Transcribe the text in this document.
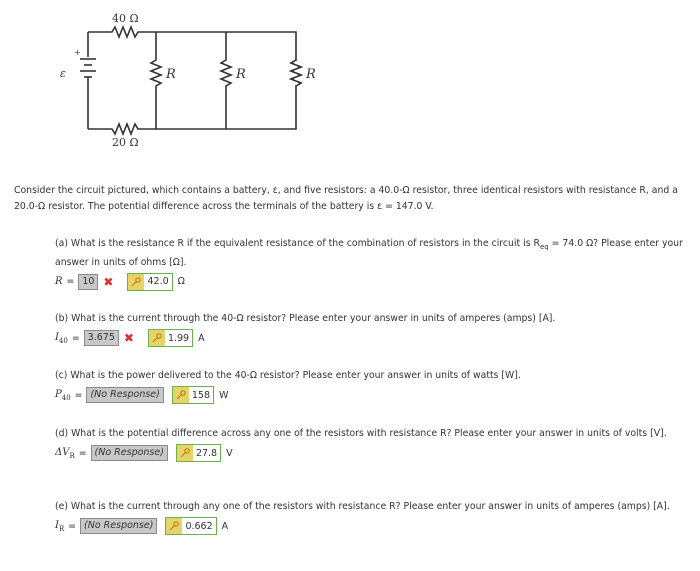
40 Ω
20 Ω
R	R	R
+
ε

Consider the circuit pictured, which contains a battery, ε, and five resistors: a 40.0-Ω resistor, three identical resistors with resistance R, and a 20.0-Ω resistor. The potential difference across the terminals of the battery is ε = 147.0 V.

(a) What is the resistance R if the equivalent resistance of the combination of resistors in the circuit is $R_{eq} = 74.0$ Ω? Please enter your answer in units of ohms [Ω].

R = 10 ✖	42.0 Ω

(b) What is the current through the 40-Ω resistor? Please enter your answer in units of amperes (amps) [A].

$I_{40} = 3.675$ ✖	1.99 A

(c) What is the power delivered to the 40-Ω resistor? Please enter your answer in units of watts [W].

$P_{40} = (No$ Response)	158 W

(d) What is the potential difference across any one of the resistors with resistance R? Please enter your answer in units of volts [V].

$\Delta V_R = (No$ Response)	27.8 V

(e) What is the current through any one of the resistors with resistance R? Please enter your answer in units of amperes (amps) [A].

$I_R = (No$ Response)	0.662 A
